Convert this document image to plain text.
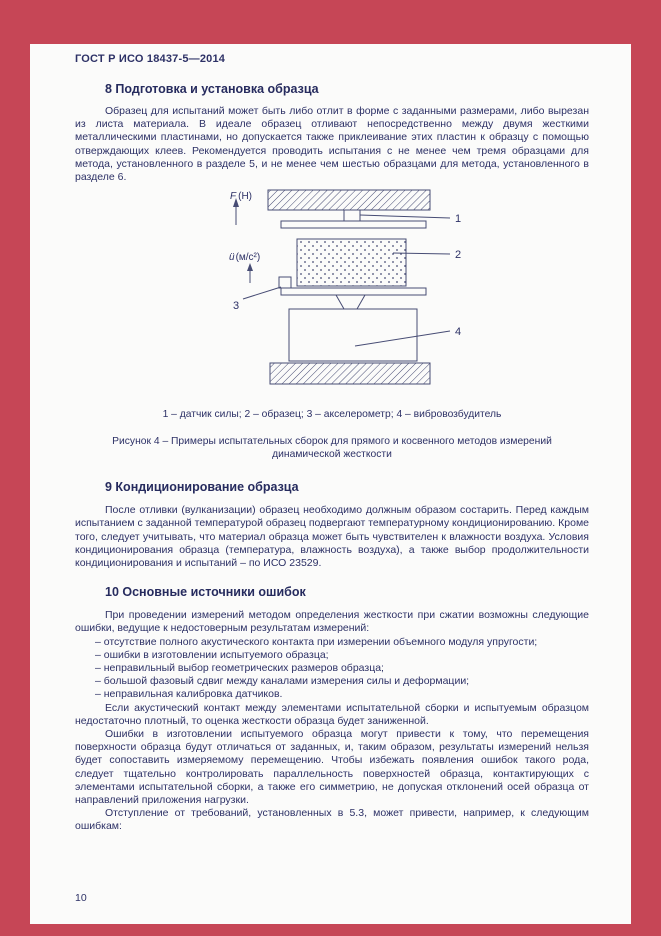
ГОСТ Р ИСО 18437-5—2014
8 Подготовка и установка образца

Образец для испытаний может быть либо отлит в форме с заданными размерами, либо вырезан из листа материала. В идеале образец отливают непосредственно между двумя жесткими металлическими пластинами, но допускается также приклеивание этих пластин к образцу с помощью отверждающих клеев. Рекомендуется проводить испытания с не менее чем тремя образцами для метода, установленного в разделе 5, и не менее чем шестью образцами для метода, установленного в разделе 6.

F (Н)
ü(м/с²)
1
2
3
4

1 – датчик силы; 2 – образец; 3 – акселерометр; 4 – вибровозбудитель

Рисунок 4 – Примеры испытательных сборок для прямого и косвенного методов измерений динамической жесткости

9 Кондиционирование образца

После отливки (вулканизации) образец необходимо должным образом состарить. Перед каждым испытанием с заданной температурой образец подвергают температурному кондиционированию. Кроме того, следует учитывать, что материал образца может быть чувствителен к влажности воздуха. Условия кондиционирования образца (температура, влажность воздуха), а также выбор продолжительности кондиционирования и испытаний – по ИСО 23529.

10 Основные источники ошибок

При проведении измерений методом определения жесткости при сжатии возможны следующие ошибки, ведущие к недостоверным результатам измерений:

– отсутствие полного акустического контакта при измерении объемного модуля упругости;
– ошибки в изготовлении испытуемого образца;
– неправильный выбор геометрических размеров образца;
– большой фазовый сдвиг между каналами измерения силы и деформации;
– неправильная калибровка датчиков.

Если акустический контакт между элементами испытательной сборки и испытуемым образцом недостаточно плотный, то оценка жесткости образца будет заниженной.

Ошибки в изготовлении испытуемого образца могут привести к тому, что перемещения поверхности образца будут отличаться от заданных, и, таким образом, результаты измерений нельзя будет сопоставить измеряемому перемещению. Чтобы избежать появления ошибок такого рода, следует тщательно контролировать параллельность поверхностей образца, контактирующих с элементами испытательной сборки, а также его симметрию, не допуская отклонений осей образца от направлений приложения нагрузки.

Отступление от требований, установленных в 5.3, может привести, например, к следующим ошибкам:

10
